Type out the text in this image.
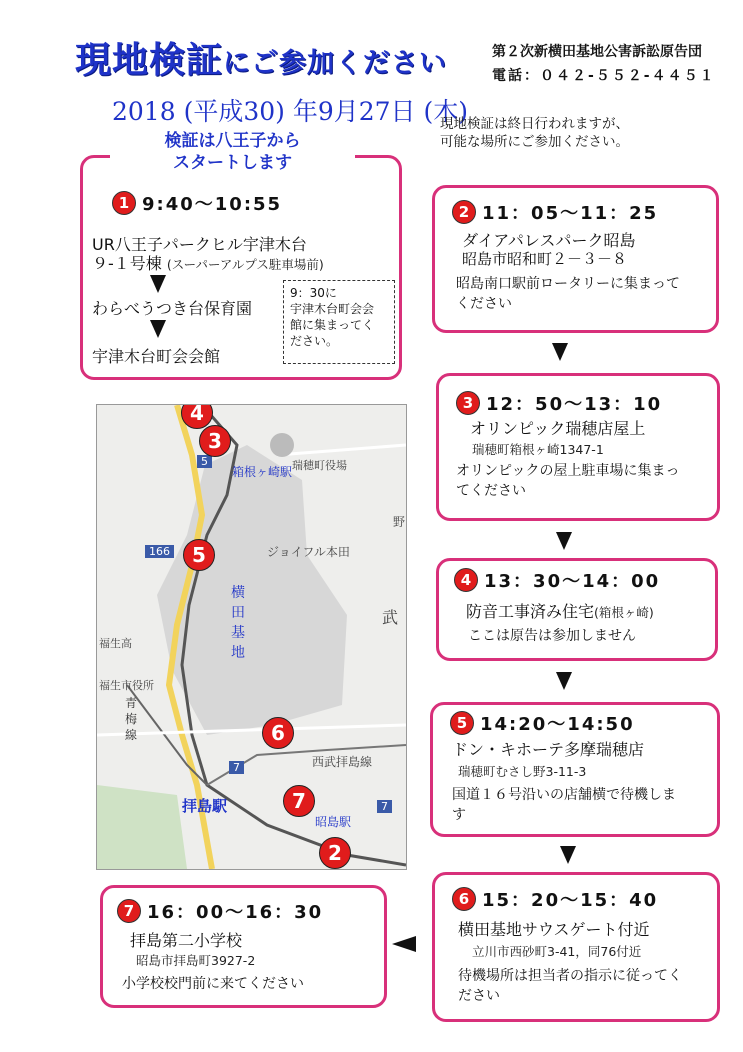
現地検証にご参加ください	第２次新横田基地公害訴訟原告団
電話：０４２-５５２-４４５１
2018 (平成30) 年9月27日 (木)
現地検証は終日行われますが、
可能な場所にご参加ください。
検証は八王子から
スタートします
1 9:40～10:55
UR八王子パークヒル宇津木台
９-１号棟 (スーパーアルプス駐車場前)
わらべうつき台保育園
宇津木台町会会館
9：30に
宇津木台町会会
館に集まってく
ださい。
2 11：05～11：25
ダイアパレスパーク昭島
昭島市昭和町２－３－８
昭島南口駅前ロータリーに集まって
ください
3 12：50～13：10
オリンピック瑞穂店屋上
瑞穂町箱根ヶ崎1347-1
オリンピックの屋上駐車場に集まっ
てください
4 13：30～14：00
防音工事済み住宅(箱根ヶ崎)
ここは原告は参加しません
5 14:20～14:50
ドン・キホーテ多摩瑞穂店
瑞穂町むさし野3-11-3
国道１６号沿いの店舗横で待機しま
す
6 15：20～15：40
横田基地サウスゲート付近
立川市西砂町3-41，同76付近
待機場所は担当者の指示に従ってく
ださい
7 16：00～16：30
拝島第二小学校
昭島市拝島町3927-2
小学校校門前に来てください
箱根ヶ崎駅 瑞穂町役場
ジョイフル本田
横
田
基
地
武
野
福生市役所
福生高
青
梅
線
西武拝島線
拝島駅
昭島駅
166
5
7
7
4
3
5
6
7
2
